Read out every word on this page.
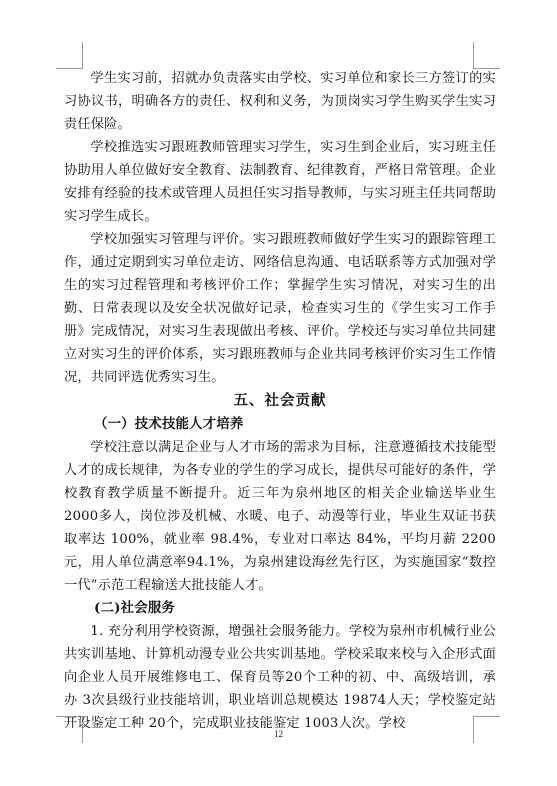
学生实习前，招就办负责落实由学校、实习单位和家长三方签订的实习协议书，明确各方的责任、权利和义务，为顶岗实习学生购买学生实习责任保险。

学校推选实习跟班教师管理实习学生，实习生到企业后，实习班主任协助用人单位做好安全教育、法制教育、纪律教育，严格日常管理。企业安排有经验的技术或管理人员担任实习指导教师，与实习班主任共同帮助实习学生成长。

学校加强实习管理与评价。实习跟班教师做好学生实习的跟踪管理工作，通过定期到实习单位走访、网络信息沟通、电话联系等方式加强对学生的实习过程管理和考核评价工作；掌握学生实习情况，对实习生的出勤、日常表现以及安全状况做好记录，检查实习生的《学生实习工作手册》完成情况，对实习生表现做出考核、评价。学校还与实习单位共同建立对实习生的评价体系，实习跟班教师与企业共同考核评价实习生工作情况，共同评选优秀实习生。

五、社会贡献
（一）技术技能人才培养

学校注意以满足企业与人才市场的需求为目标，注意遵循技术技能型人才的成长规律，为各专业的学生的学习成长，提供尽可能好的条件，学校教育教学质量不断提升。近三年为泉州地区的相关企业输送毕业生2000多人，岗位涉及机械、水暖、电子、动漫等行业，毕业生双证书获取率达 100%，就业率 98.4%，专业对口率达 84%，平均月薪 2200元，用人单位满意率94.1%，为泉州建设海丝先行区，为实施国家“数控一代”示范工程输送大批技能人才。

(二)社会服务

1. 充分利用学校资源，增强社会服务能力。学校为泉州市机械行业公共实训基地、计算机动漫专业公共实训基地。学校采取来校与入企形式面向企业人员开展维修电工、保育员等20个工种的初、中、高级培训，承办 3次县级行业技能培训，职业培训总规模达 19874人天；学校鉴定站开设鉴定工种 20个，完成职业技能鉴定 1003人次。学校

12
